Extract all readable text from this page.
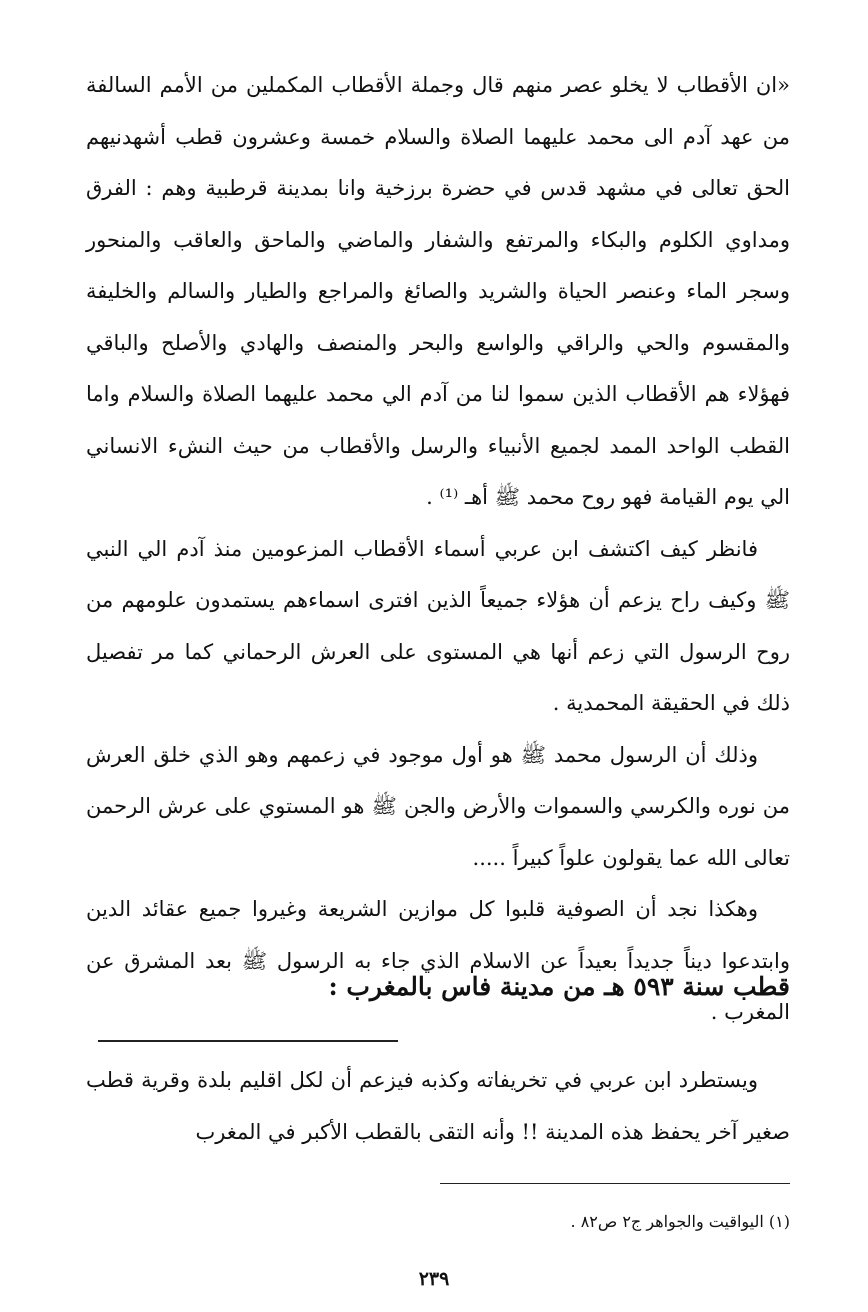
«ان الأقطاب لا يخلو عصر منهم قال وجملة الأقطاب المكملين من الأمم السالفة من عهد آدم الى محمد عليهما الصلاة والسلام خمسة وعشرون قطب أشهدنيهم الحق تعالى في مشهد قدس في حضرة برزخية وانا بمدينة قرطبية وهم : الفرق ومداوي الكلوم والبكاء والمرتفع والشفار والماضي والماحق والعاقب والمنحور وسجر الماء وعنصر الحياة والشريد والصائغ والمراجع والطيار والسالم والخليفة والمقسوم والحي والراقي والواسع والبحر والمنصف والهادي والأصلح والباقي فهؤلاء هم الأقطاب الذين سموا لنا من آدم الي محمد عليهما الصلاة والسلام واما القطب الواحد الممد لجميع الأنبياء والرسل والأقطاب من حيث النشء الانساني الي يوم القيامة فهو روح محمد ﷺ أهـ ⁽¹⁾ .

فانظر كيف اكتشف ابن عربي أسماء الأقطاب المزعومين منذ آدم الي النبي ﷺ وكيف راح يزعم أن هؤلاء جميعاً الذين افترى اسماءهم يستمدون علومهم من روح الرسول التي زعم أنها هي المستوى على العرش الرحماني كما مر تفصيل ذلك في الحقيقة المحمدية .

وذلك أن الرسول محمد ﷺ هو أول موجود في زعمهم وهو الذي خلق العرش من نوره والكرسي والسموات والأرض والجن ﷺ هو المستوي على عرش الرحمن تعالى الله عما يقولون علواً كبيراً .....

وهكذا نجد أن الصوفية قلبوا كل موازين الشريعة وغيروا جميع عقائد الدين وابتدعوا ديناً جديداً بعيداً عن الاسلام الذي جاء به الرسول ﷺ بعد المشرق عن المغرب .

قطب سنة ٥٩٣ هـ من مدينة فاس بالمغرب :

ويستطرد ابن عربي في تخريفاته وكذبه فيزعم أن لكل اقليم بلدة وقرية قطب صغير آخر يحفظ هذه المدينة !! وأنه التقى بالقطب الأكبر في المغرب

(١) اليواقيت والجواهر ج٢ ص٨٢ .
٢٣٩
